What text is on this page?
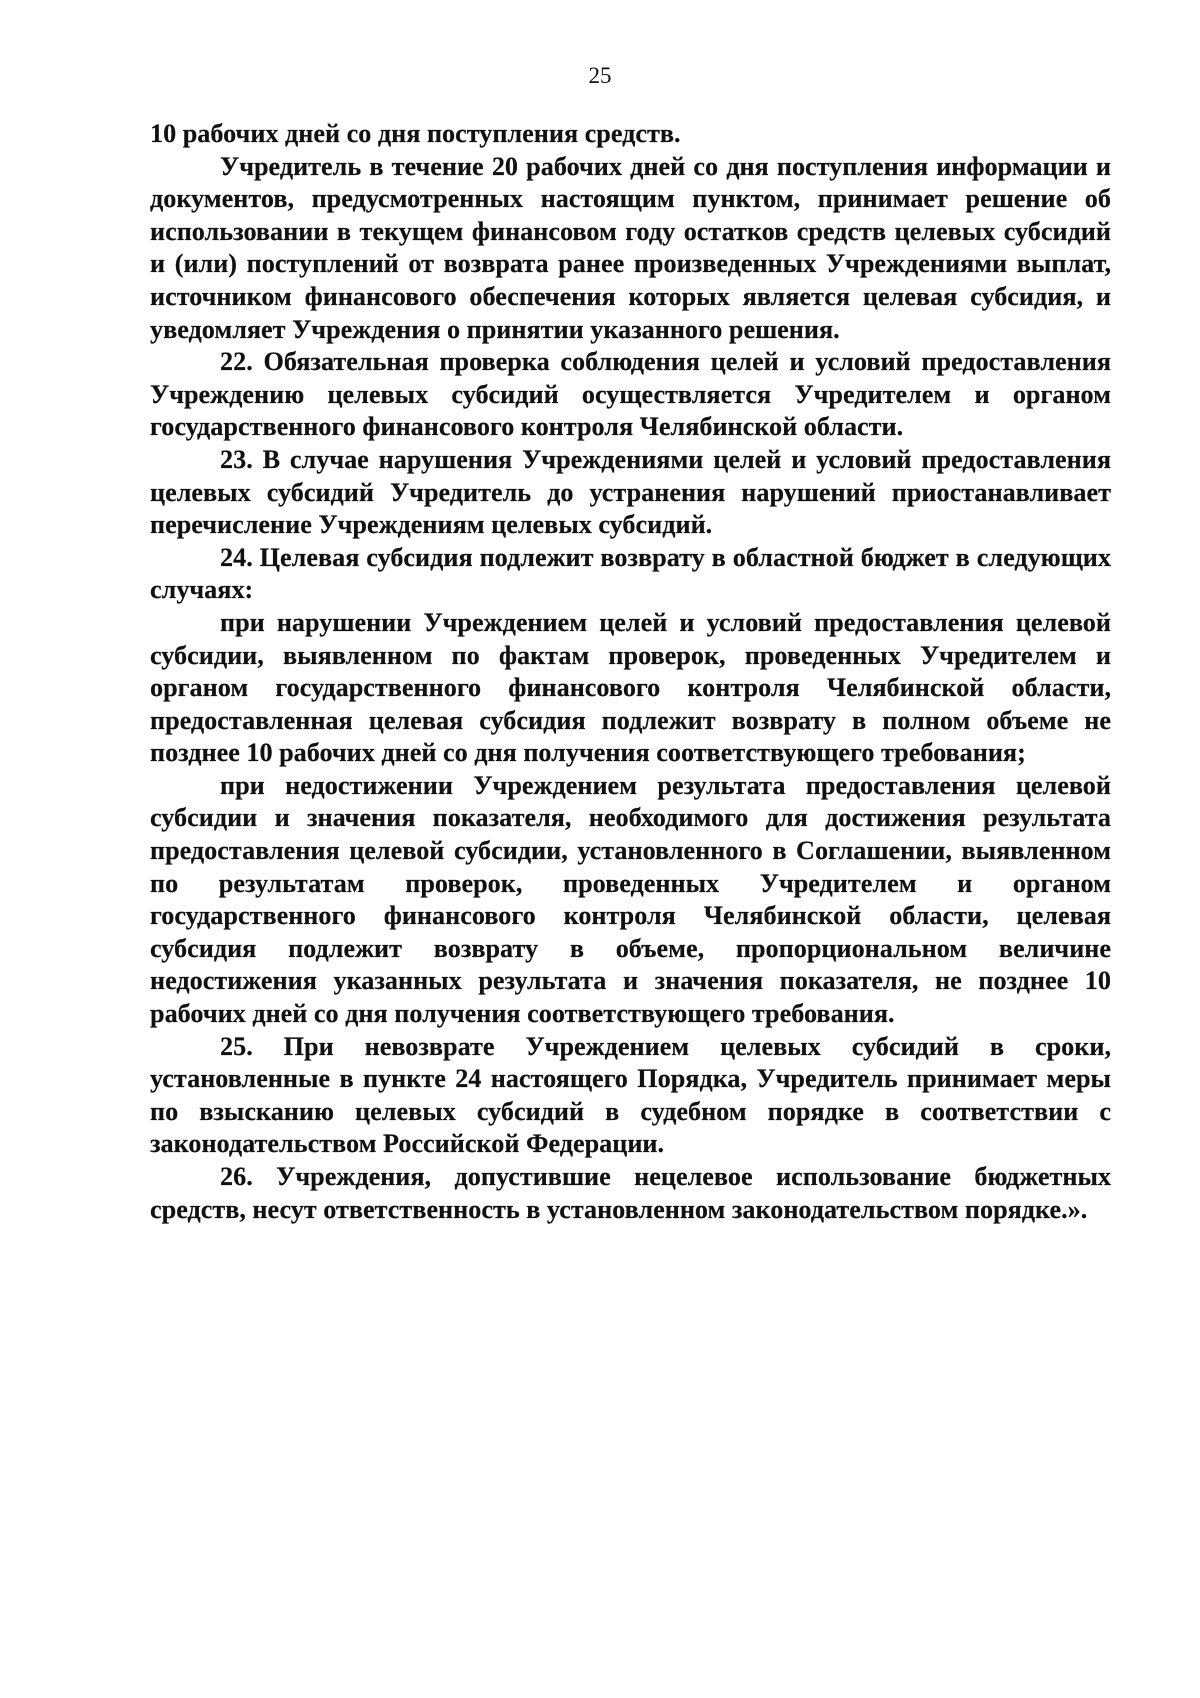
25

10 рабочих дней со дня поступления средств.

Учредитель в течение 20 рабочих дней со дня поступления информации и документов, предусмотренных настоящим пунктом, принимает решение об использовании в текущем финансовом году остатков средств целевых субсидий и (или) поступлений от возврата ранее произведенных Учреждениями выплат, источником финансового обеспечения которых является целевая субсидия, и уведомляет Учреждения о принятии указанного решения.

22. Обязательная проверка соблюдения целей и условий предоставления Учреждению целевых субсидий осуществляется Учредителем и органом государственного финансового контроля Челябинской области.

23. В случае нарушения Учреждениями целей и условий предоставления целевых субсидий Учредитель до устранения нарушений приостанавливает перечисление Учреждениям целевых субсидий.

24. Целевая субсидия подлежит возврату в областной бюджет в следующих случаях:

при нарушении Учреждением целей и условий предоставления целевой субсидии, выявленном по фактам проверок, проведенных Учредителем и органом государственного финансового контроля Челябинской области, предоставленная целевая субсидия подлежит возврату в полном объеме не позднее 10 рабочих дней со дня получения соответствующего требования;

при недостижении Учреждением результата предоставления целевой субсидии и значения показателя, необходимого для достижения результата предоставления целевой субсидии, установленного в Соглашении, выявленном по результатам проверок, проведенных Учредителем и органом государственного финансового контроля Челябинской области, целевая субсидия подлежит возврату в объеме, пропорциональном величине недостижения указанных результата и значения показателя, не позднее 10 рабочих дней со дня получения соответствующего требования.

25. При невозврате Учреждением целевых субсидий в сроки, установленные в пункте 24 настоящего Порядка, Учредитель принимает меры по взысканию целевых субсидий в судебном порядке в соответствии с законодательством Российской Федерации.

26. Учреждения, допустившие нецелевое использование бюджетных средств, несут ответственность в установленном законодательством порядке.».
